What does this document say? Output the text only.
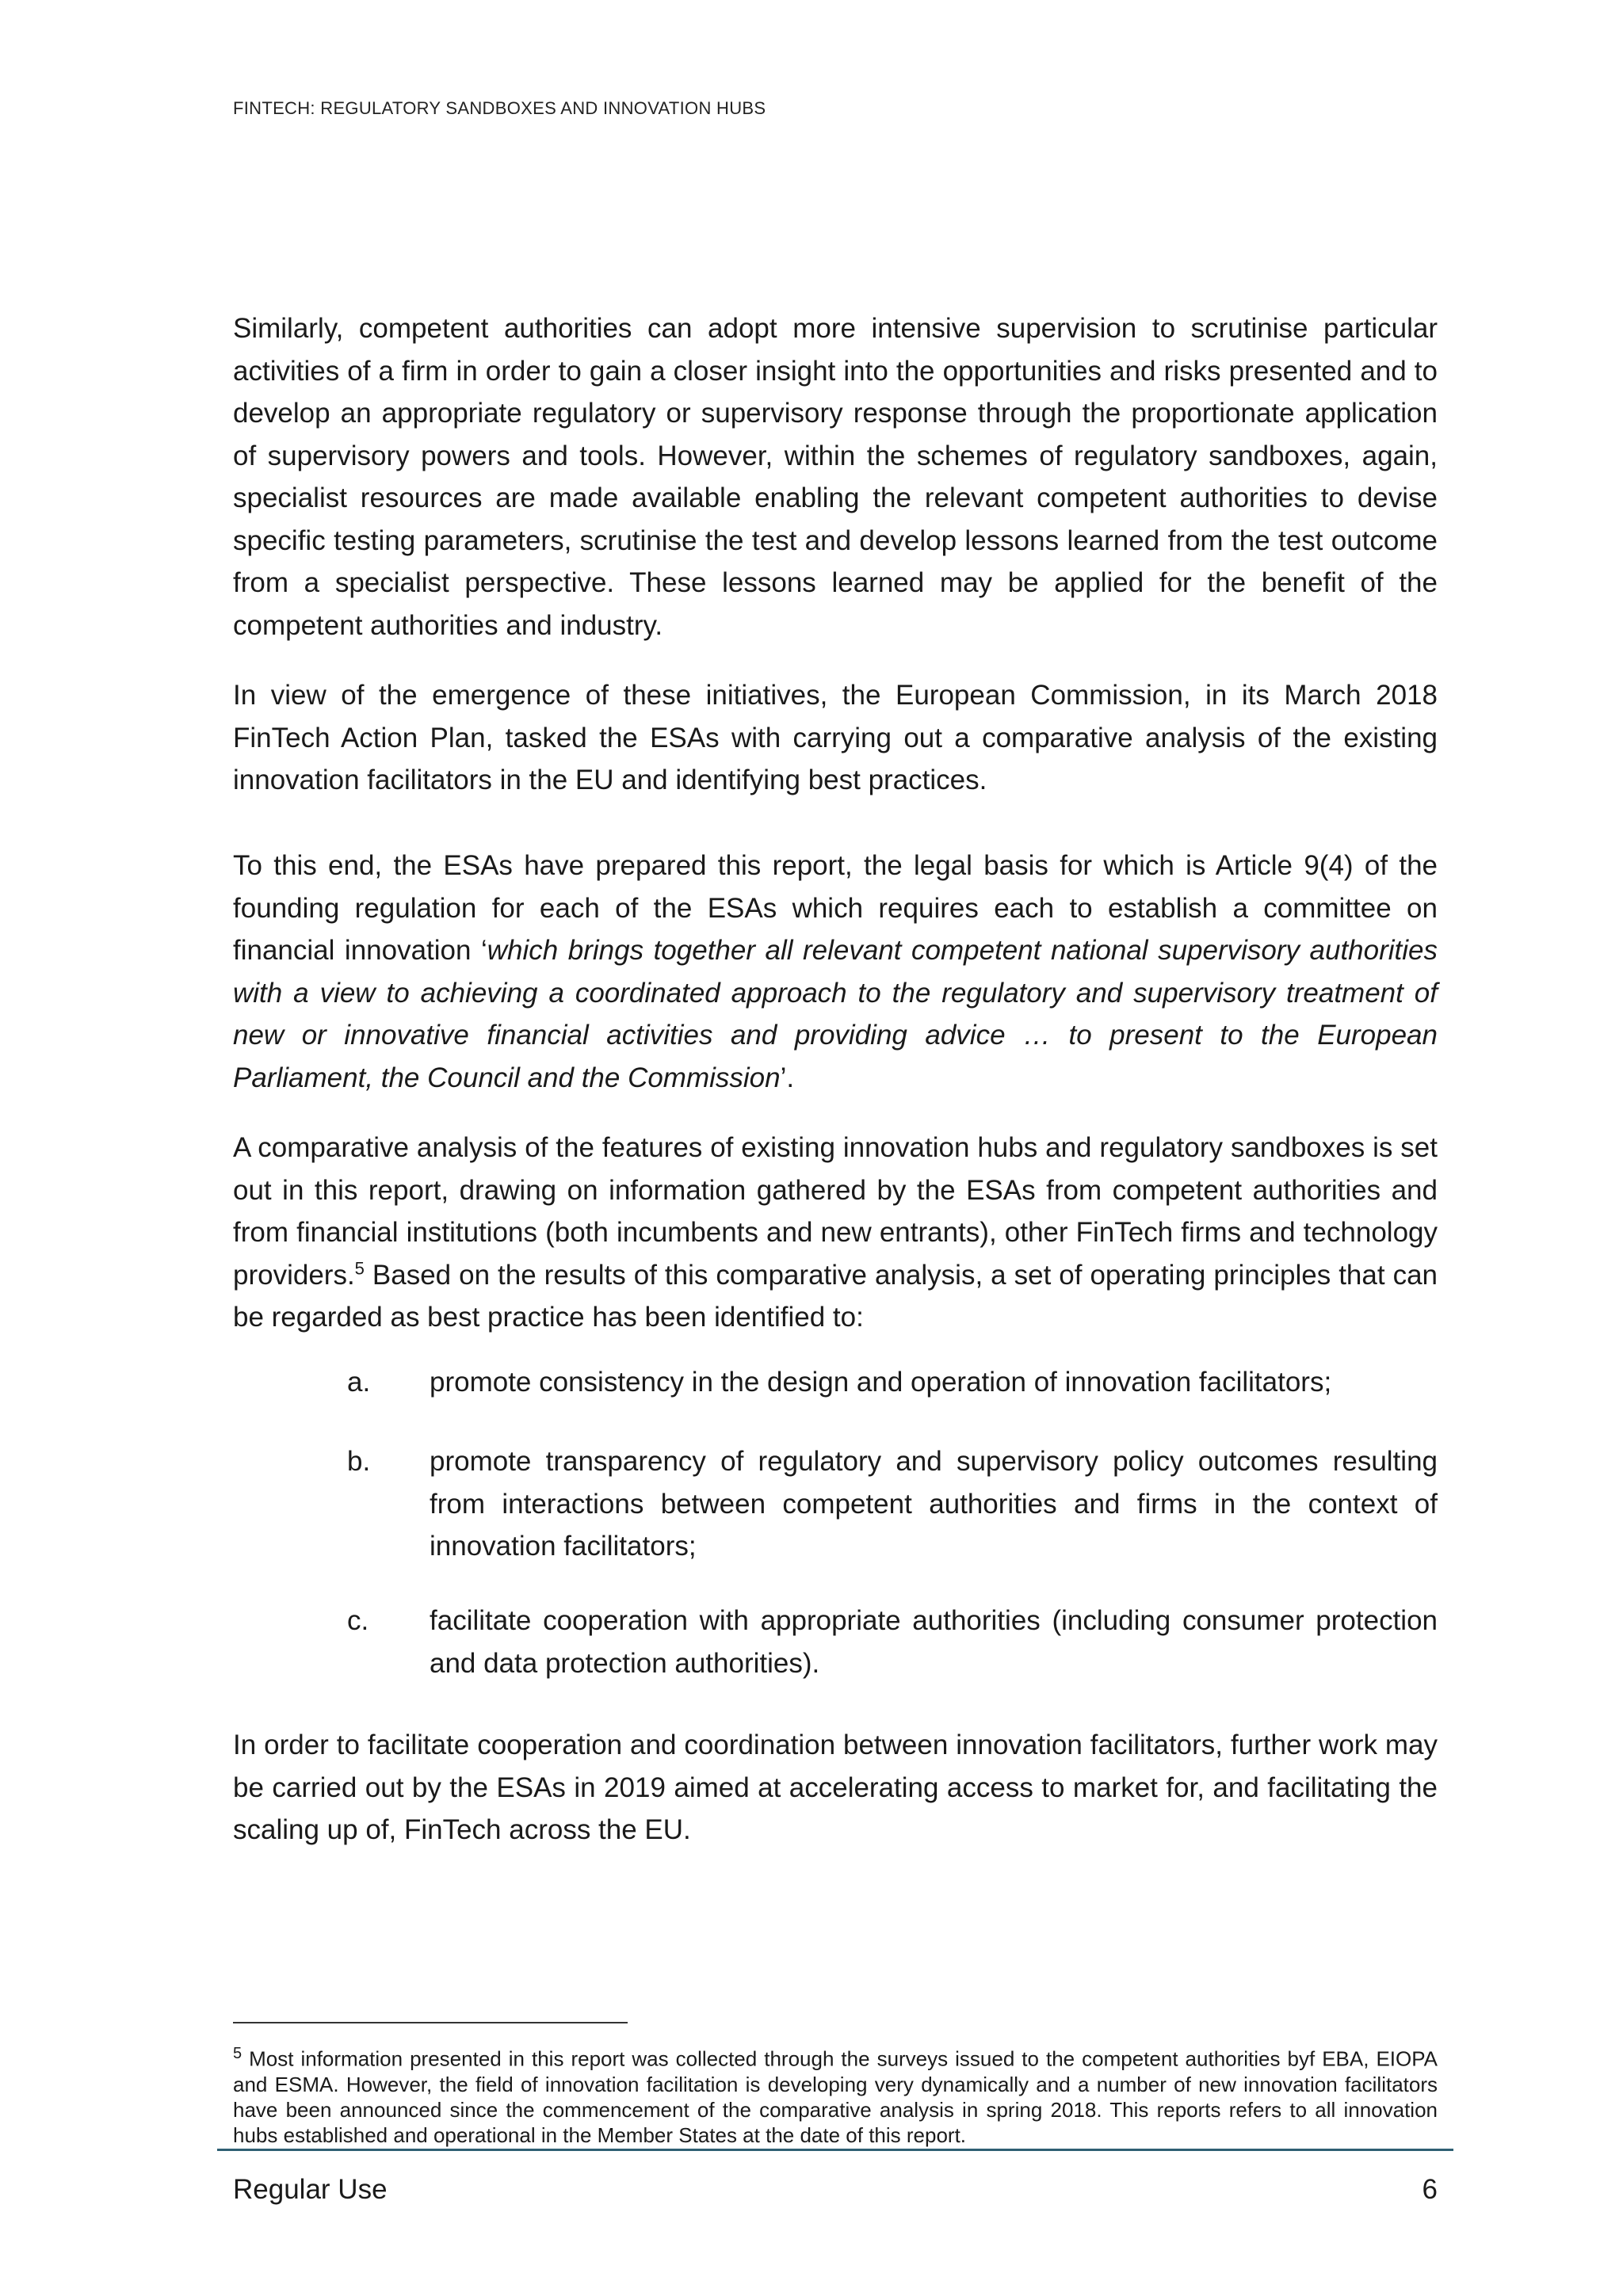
FINTECH: REGULATORY SANDBOXES AND INNOVATION HUBS

Similarly, competent authorities can adopt more intensive supervision to scrutinise particular activities of a firm in order to gain a closer insight into the opportunities and risks presented and to develop an appropriate regulatory or supervisory response through the proportionate application of supervisory powers and tools. However, within the schemes of regulatory sandboxes, again, specialist resources are made available enabling the relevant competent authorities to devise specific testing parameters, scrutinise the test and develop lessons learned from the test outcome from a specialist perspective. These lessons learned may be applied for the benefit of the competent authorities and industry.

In view of the emergence of these initiatives, the European Commission, in its March 2018 FinTech Action Plan, tasked the ESAs with carrying out a comparative analysis of the existing innovation facilitators in the EU and identifying best practices.

To this end, the ESAs have prepared this report, the legal basis for which is Article 9(4) of the founding regulation for each of the ESAs which requires each to establish a committee on financial innovation ‘which brings together all relevant competent national supervisory authorities with a view to achieving a coordinated approach to the regulatory and supervisory treatment of new or innovative financial activities and providing advice … to present to the European Parliament, the Council and the Commission’.

A comparative analysis of the features of existing innovation hubs and regulatory sandboxes is set out in this report, drawing on information gathered by the ESAs from competent authorities and from financial institutions (both incumbents and new entrants), other FinTech firms and technology providers.$^5$ Based on the results of this comparative analysis, a set of operating principles that can be regarded as best practice has been identified to:

a.	promote consistency in the design and operation of innovation facilitators;
b.	promote transparency of regulatory and supervisory policy outcomes resulting from interactions between competent authorities and firms in the context of innovation facilitators;
c.	facilitate cooperation with appropriate authorities (including consumer protection and data protection authorities).

In order to facilitate cooperation and coordination between innovation facilitators, further work may be carried out by the ESAs in 2019 aimed at accelerating access to market for, and facilitating the scaling up of, FinTech across the EU.

$^5$ Most information presented in this report was collected through the surveys issued to the competent authorities byf EBA, EIOPA and ESMA. However, the field of innovation facilitation is developing very dynamically and a number of new innovation facilitators have been announced since the commencement of the comparative analysis in spring 2018. This reports refers to all innovation hubs established and operational in the Member States at the date of this report.
Regular Use	6
